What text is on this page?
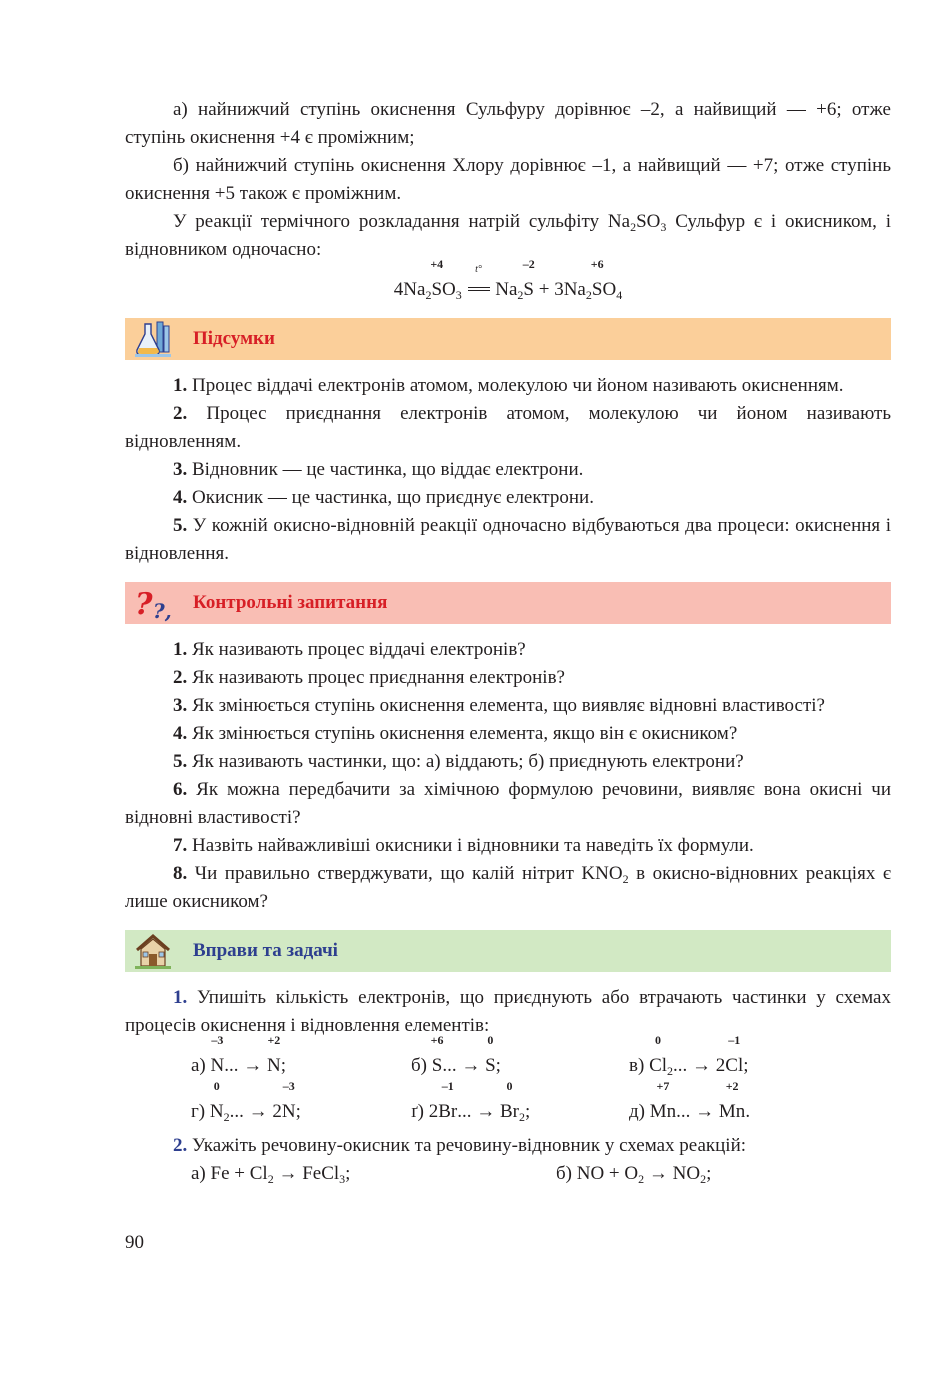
а) найнижчий ступінь окиснення Сульфуру дорівнює –2, а найвищий — +6; отже ступінь окиснення +4 є проміжним;

б) найнижчий ступінь окиснення Хлору дорівнює –1, а найвищий — +7; отже ступінь окиснення +5 також є проміжним.

У реакції термічного розкладання натрій сульфіту $Na_2SO_3$ Сульфур є і окисником, і відновником одночасно:

$4Na_2$
+4
$SO_3$
t°
$Na_2$
–2
$S + 3Na_2$
+6
$SO_4$

Підсумки

1. Процес віддачі електронів атомом, молекулою чи йоном називають окисненням.

2. Процес приєднання електронів атомом, молекулою чи йоном називають відновленням.

3. Відновник — це частинка, що віддає електрони.

4. Окисник — це частинка, що приєднує електрони.

5. У кожній окисно-відновній реакції одночасно відбуваються два процеси: окиснення і відновлення.

? ?, Контрольні запитання

1. Як називають процес віддачі електронів?

2. Як називають процес приєднання електронів?

3. Як змінюється ступінь окиснення елемента, що виявляє відновні властивості?

4. Як змінюється ступінь окиснення елемента, якщо він є окисником?

5. Як називають частинки, що: а) віддають; б) приєднують електрони?

6. Як можна передбачити за хімічною формулою речовини, виявляє вона окисні чи відновні властивості?

7. Назвіть найважливіші окисники і відновники та наведіть їх формули.

8. Чи правильно стверджувати, що калій нітрит $KNO_2$ в окисно-відновних реакціях є лише окисником?

Вправи та задачі

1. Упишіть кількість електронів, що приєднують або втрачають частинки у схемах процесів окиснення і відновлення елементів:

а)
–3
N... →
+2
N;	б)
+6
S... →
0
S;	в)
0
$Cl_2$... → 2
–1
Cl;
г)
0
$N_2$... → 2
–3
N;	ґ) 2
–1
Br... →
0
$Br_2$;	д)
+7
Mn... →
+2
Mn.

2. Укажіть речовину-окисник та речовину-відновник у схемах реакцій:

а) $Fe + Cl_2$ → FeCl$_3$;	б) NO + $O_2 \to NO_2$;
90
